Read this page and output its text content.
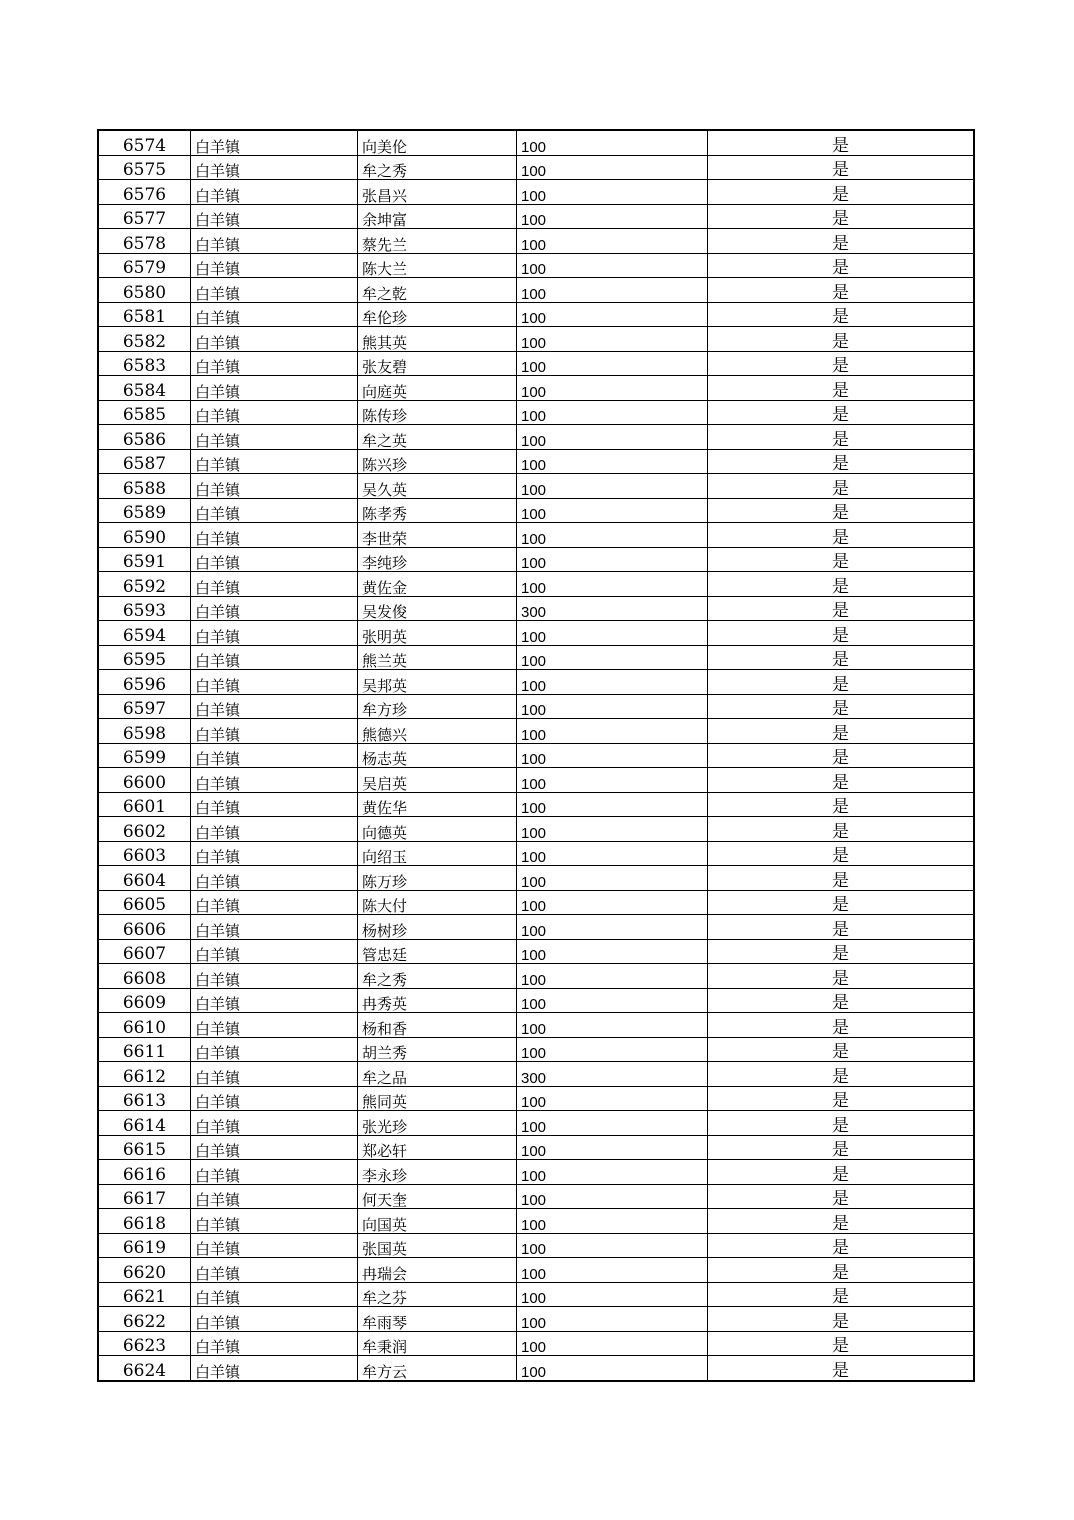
6574	白羊镇	向美伦	100	是
6575	白羊镇	牟之秀	100	是
6576	白羊镇	张昌兴	100	是
6577	白羊镇	余坤富	100	是
6578	白羊镇	蔡先兰	100	是
6579	白羊镇	陈大兰	100	是
6580	白羊镇	牟之乾	100	是
6581	白羊镇	牟伦珍	100	是
6582	白羊镇	熊其英	100	是
6583	白羊镇	张友碧	100	是
6584	白羊镇	向庭英	100	是
6585	白羊镇	陈传珍	100	是
6586	白羊镇	牟之英	100	是
6587	白羊镇	陈兴珍	100	是
6588	白羊镇	吴久英	100	是
6589	白羊镇	陈孝秀	100	是
6590	白羊镇	李世荣	100	是
6591	白羊镇	李纯珍	100	是
6592	白羊镇	黄佐金	100	是
6593	白羊镇	吴发俊	300	是
6594	白羊镇	张明英	100	是
6595	白羊镇	熊兰英	100	是
6596	白羊镇	吴邦英	100	是
6597	白羊镇	牟方珍	100	是
6598	白羊镇	熊德兴	100	是
6599	白羊镇	杨志英	100	是
6600	白羊镇	吴启英	100	是
6601	白羊镇	黄佐华	100	是
6602	白羊镇	向德英	100	是
6603	白羊镇	向绍玉	100	是
6604	白羊镇	陈万珍	100	是
6605	白羊镇	陈大付	100	是
6606	白羊镇	杨树珍	100	是
6607	白羊镇	管忠廷	100	是
6608	白羊镇	牟之秀	100	是
6609	白羊镇	冉秀英	100	是
6610	白羊镇	杨和香	100	是
6611	白羊镇	胡兰秀	100	是
6612	白羊镇	牟之品	300	是
6613	白羊镇	熊同英	100	是
6614	白羊镇	张光珍	100	是
6615	白羊镇	郑必轩	100	是
6616	白羊镇	李永珍	100	是
6617	白羊镇	何天奎	100	是
6618	白羊镇	向国英	100	是
6619	白羊镇	张国英	100	是
6620	白羊镇	冉瑞会	100	是
6621	白羊镇	牟之芬	100	是
6622	白羊镇	牟雨琴	100	是
6623	白羊镇	牟秉润	100	是
6624	白羊镇	牟方云	100	是
